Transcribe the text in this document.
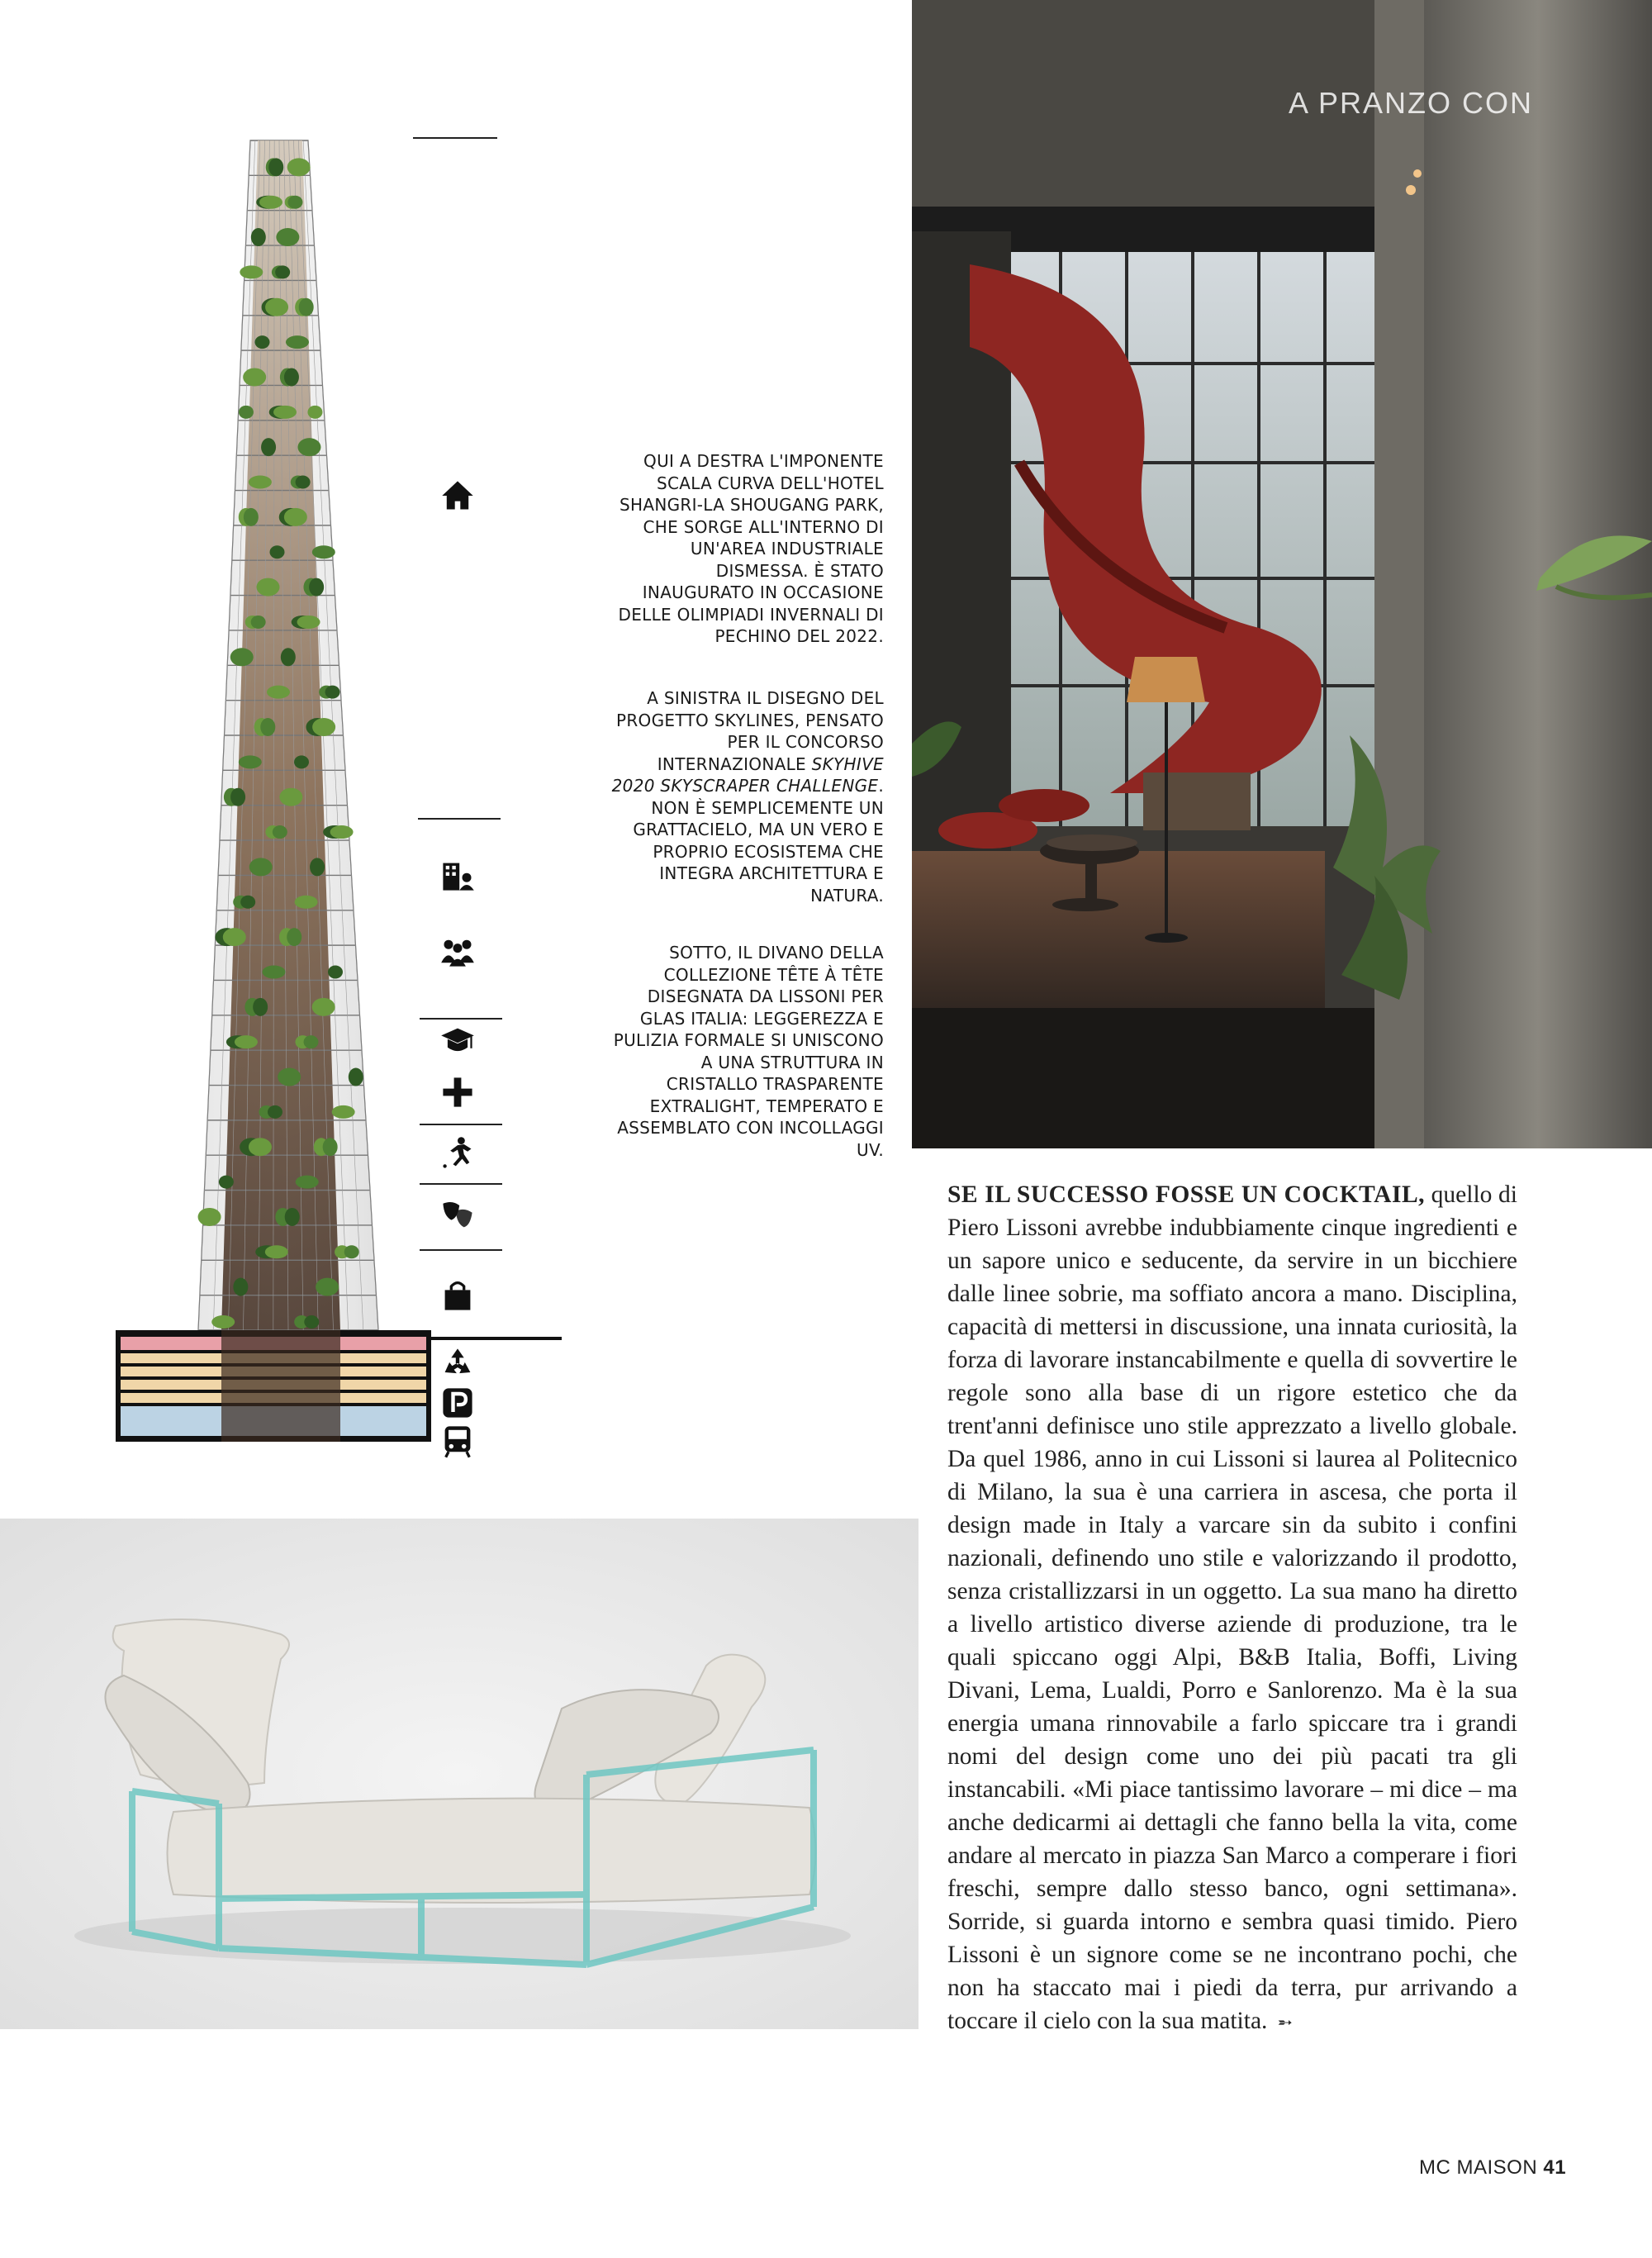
QUI A DESTRA L'IMPONENTE SCALA CURVA DELL'HOTEL SHANGRI-LA SHOUGANG PARK, CHE SORGE ALL'INTERNO DI UN'AREA INDUSTRIALE DISMESSA. È STATO INAUGURATO IN OCCASIONE DELLE OLIMPIADI INVERNALI DI PECHINO DEL 2022.
A SINISTRA IL DISEGNO DEL PROGETTO SKYLINES, PENSATO PER IL CONCORSO INTERNAZIONALE SKYHIVE 2020 SKYSCRAPER CHALLENGE. NON È SEMPLICEMENTE UN GRATTACIELO, MA UN VERO E PROPRIO ECOSISTEMA CHE INTEGRA ARCHITETTURA E NATURA.
SOTTO, IL DIVANO DELLA COLLEZIONE TÊTE À TÊTE DISEGNATA DA LISSONI PER GLAS ITALIA: LEGGEREZZA E PULIZIA FORMALE SI UNISCONO A UNA STRUTTURA IN CRISTALLO TRASPARENTE EXTRALIGHT, TEMPERATO E ASSEMBLATO CON INCOLLAGGI UV.
A PRANZO CON
SE IL SUCCESSO FOSSE UN COCKTAIL, quello di Piero Lissoni avrebbe indubbiamente cinque ingredienti e un sapore unico e seducente, da servire in un bicchiere dalle linee sobrie, ma soffiato ancora a mano. Disciplina, capacità di mettersi in discussione, una innata curiosità, la forza di lavorare instancabilmente e quella di sovvertire le regole sono alla base di un rigore estetico che da trent'anni definisce uno stile apprezzato a livello globale. Da quel 1986, anno in cui Lissoni si laurea al Politecnico di Milano, la sua è una carriera in ascesa, che porta il design made in Italy a varcare sin da subito i confini nazionali, definendo uno stile e valorizzando il prodotto, senza cristallizzarsi in un oggetto. La sua mano ha diretto a livello artistico diverse aziende di produzione, tra le quali spiccano oggi Alpi, B&B Italia, Boffi, Living Divani, Lema, Lualdi, Porro e Sanlorenzo. Ma è la sua energia umana rinnovabile a farlo spiccare tra i grandi nomi del design come uno dei più pacati tra gli instancabili. «Mi piace tantissimo lavorare – mi dice – ma anche dedicarmi ai dettagli che fanno bella la vita, come andare al mercato in piazza San Marco a comperare i fiori freschi, sempre dallo stesso banco, ogni settimana». Sorride, si guarda intorno e sembra quasi timido. Piero Lissoni è un signore come se ne incontrano pochi, che non ha staccato mai i piedi da terra, pur arrivando a toccare il cielo con la sua matita. ➵
MC MAISON 41
